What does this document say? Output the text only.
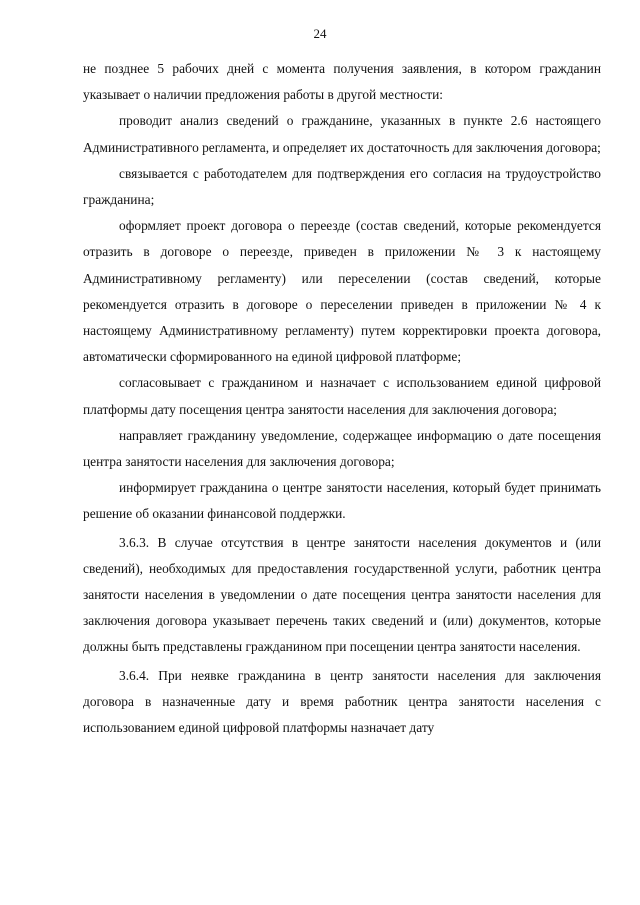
24

не позднее 5 рабочих дней с момента получения заявления, в котором гражданин указывает о наличии предложения работы в другой местности:

проводит анализ сведений о гражданине, указанных в пункте 2.6 настоящего Административного регламента, и определяет их достаточность для заключения договора;

связывается с работодателем для подтверждения его согласия на трудоустройство гражданина;

оформляет проект договора о переезде (состав сведений, которые рекомендуется отразить в договоре о переезде, приведен в приложении № 3 к настоящему Административному регламенту) или переселении (состав сведений, которые рекомендуется отразить в договоре о переселении приведен в приложении № 4 к настоящему Административному регламенту) путем корректировки проекта договора, автоматически сформированного на единой цифровой платформе;

согласовывает с гражданином и назначает с использованием единой цифровой платформы дату посещения центра занятости населения для заключения договора;

направляет гражданину уведомление, содержащее информацию о дате посещения центра занятости населения для заключения договора;

информирует гражданина о центре занятости населения, который будет принимать решение об оказании финансовой поддержки.

3.6.3. В случае отсутствия в центре занятости населения документов и (или сведений), необходимых для предоставления государственной услуги, работник центра занятости населения в уведомлении о дате посещения центра занятости населения для заключения договора указывает перечень таких сведений и (или) документов, которые должны быть представлены гражданином при посещении центра занятости населения.

3.6.4. При неявке гражданина в центр занятости населения для заключения договора в назначенные дату и время работник центра занятости населения с использованием единой цифровой платформы назначает дату
